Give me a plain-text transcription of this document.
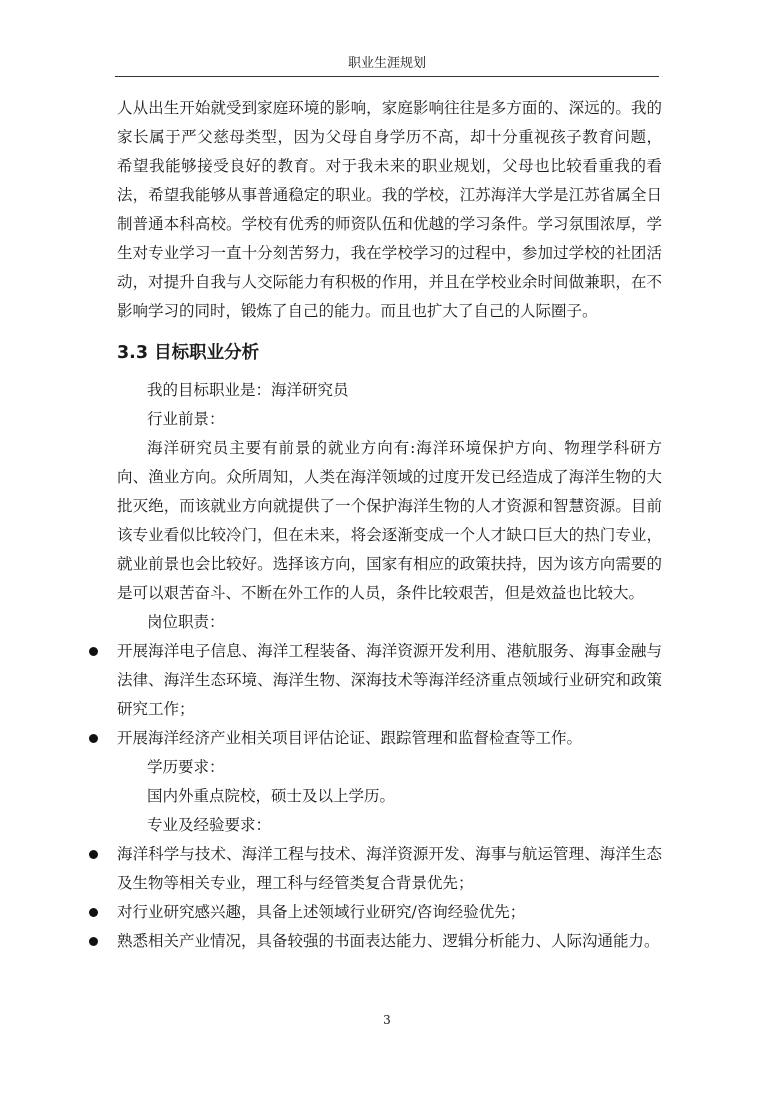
职业生涯规划

人从出生开始就受到家庭环境的影响，家庭影响往往是多方面的、深远的。我的家长属于严父慈母类型，因为父母自身学历不高，却十分重视孩子教育问题， 希望我能够接受良好的教育。对于我未来的职业规划，父母也比较看重我的看法，希望我能够从事普通稳定的职业。我的学校，江苏海洋大学是江苏省属全日制普通本科高校。学校有优秀的师资队伍和优越的学习条件。学习氛围浓厚，学生对专业学习一直十分刻苦努力，我在学校学习的过程中，参加过学校的社团活动，对提升自我与人交际能力有积极的作用，并且在学校业余时间做兼职，在不影响学习的同时，锻炼了自己的能力。而且也扩大了自己的人际圈子。

3.3 目标职业分析

我的目标职业是：海洋研究员

行业前景：

海洋研究员主要有前景的就业方向有:海洋环境保护方向、物理学科研方向、渔业方向。众所周知，人类在海洋领域的过度开发已经造成了海洋生物的大批灭绝，而该就业方向就提供了一个保护海洋生物的人才资源和智慧资源。目前该专业看似比较冷门，但在未来，将会逐渐变成一个人才缺口巨大的热门专业，就业前景也会比较好。选择该方向，国家有相应的政策扶持，因为该方向需要的是可以艰苦奋斗、不断在外工作的人员，条件比较艰苦，但是效益也比较大。

岗位职责：

开展海洋电子信息、海洋工程装备、海洋资源开发利用、港航服务、海事金融与法律、海洋生态环境、海洋生物、深海技术等海洋经济重点领域行业研究和政策研究工作；
开展海洋经济产业相关项目评估论证、跟踪管理和监督检查等工作。

学历要求：

国内外重点院校，硕士及以上学历。

专业及经验要求：

海洋科学与技术、海洋工程与技术、海洋资源开发、海事与航运管理、海洋生态及生物等相关专业，理工科与经管类复合背景优先；
对行业研究感兴趣，具备上述领域行业研究/咨询经验优先；
熟悉相关产业情况，具备较强的书面表达能力、逻辑分析能力、人际沟通能力。
3
